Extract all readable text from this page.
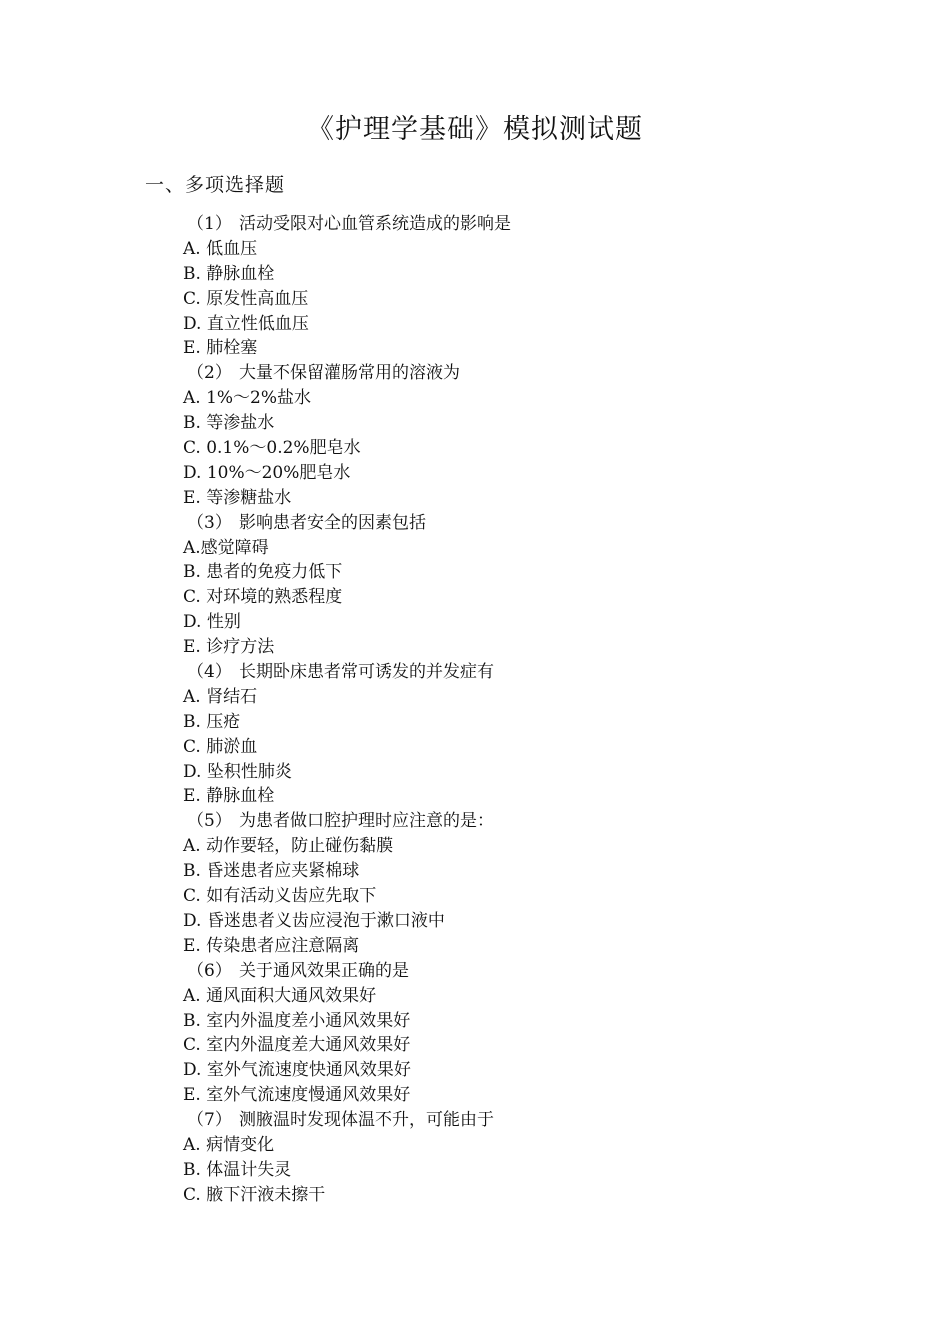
《护理学基础》模拟测试题
一、多项选择题
（1） 活动受限对心血管系统造成的影响是
A. 低血压
B. 静脉血栓
C. 原发性高血压
D. 直立性低血压
E. 肺栓塞
（2） 大量不保留灌肠常用的溶液为
A. 1%～2%盐水
B. 等渗盐水
C. 0.1%～0.2%肥皂水
D. 10%～20%肥皂水
E. 等渗糖盐水
（3） 影响患者安全的因素包括
A.感觉障碍
B. 患者的免疫力低下
C. 对环境的熟悉程度
D. 性别
E. 诊疗方法
（4） 长期卧床患者常可诱发的并发症有
A. 肾结石
B. 压疮
C. 肺淤血
D. 坠积性肺炎
E. 静脉血栓
（5） 为患者做口腔护理时应注意的是：
A. 动作要轻，防止碰伤黏膜
B. 昏迷患者应夹紧棉球
C. 如有活动义齿应先取下
D. 昏迷患者义齿应浸泡于漱口液中
E. 传染患者应注意隔离
（6） 关于通风效果正确的是
A. 通风面积大通风效果好
B. 室内外温度差小通风效果好
C. 室内外温度差大通风效果好
D. 室外气流速度快通风效果好
E. 室外气流速度慢通风效果好
（7） 测腋温时发现体温不升，可能由于
A. 病情变化
B. 体温计失灵
C. 腋下汗液未擦干
